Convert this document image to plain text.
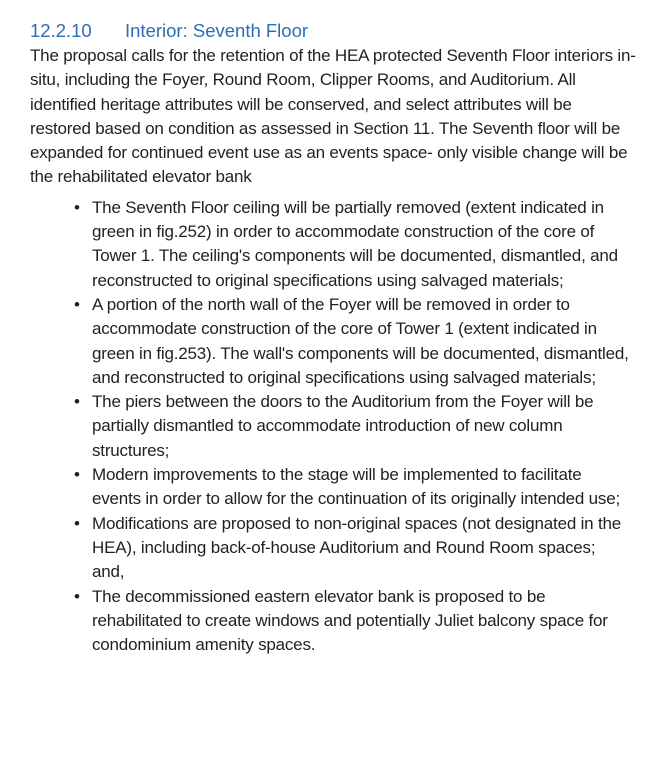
12.2.10	Interior: Seventh Floor

The proposal calls for the retention of the HEA protected Seventh Floor interiors in-situ, including the Foyer, Round Room, Clipper Rooms, and Auditorium. All identified heritage attributes will be conserved, and select attributes will be restored based on condition as assessed in Section 11. The Seventh floor will be expanded for continued event use as an events space- only visible change will be the rehabilitated elevator bank

• The Seventh Floor ceiling will be partially removed (extent indicated in green in fig.252) in order to accommodate construction of the core of Tower 1. The ceiling's components will be documented, dismantled, and reconstructed to original specifications using salvaged materials;
• A portion of the north wall of the Foyer will be removed in order to accommodate construction of the core of Tower 1 (extent indicated in green in fig.253). The wall's components will be documented, dismantled, and reconstructed to original specifications using salvaged materials;
• The piers between the doors to the Auditorium from the Foyer will be partially dismantled to accommodate introduction of new column structures;
• Modern improvements to the stage will be implemented to facilitate events in order to allow for the continuation of its originally intended use;
• Modifications are proposed to non-original spaces (not designated in the HEA), including back-of-house Auditorium and Round Room spaces; and,
• The decommissioned eastern elevator bank is proposed to be rehabilitated to create windows and potentially Juliet balcony space for condominium amenity spaces.
